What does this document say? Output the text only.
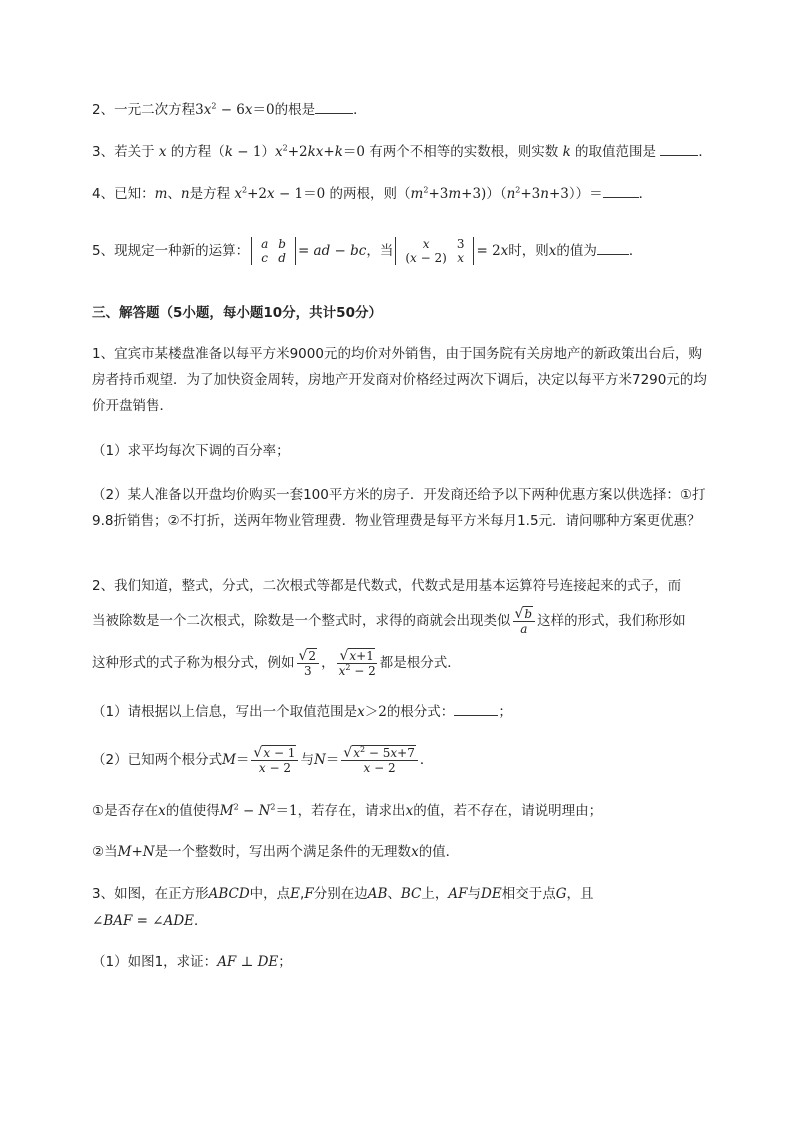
2、一元二次方程$3x^2 - 6x=0$的根是	．
3、若关于 x 的方程$(k - 1)x^2+2kx+k=0$ 有两个不相等的实数根，则实数 k 的取值范围是	．
4、已知：m、n是方程 $x^2+2x - 1=0$ 的两根，则$(m^2+3m+3))(n^2+3n+3))=$	．
5、现规定一种新的运算： a	b
c	d = ad − bc，当 x	3
(x − 2)	x = 2x时，则x的值为 ．
三、解答题（5小题，每小题10分，共计50分）
1、宜宾市某楼盘准备以每平方米9000元的均价对外销售，由于国务院有关房地产的新政策出台后，购房者持币观望．为了加快资金周转，房地产开发商对价格经过两次下调后，决定以每平方米7290元的均价开盘销售．
（1）求平均每次下调的百分率；
（2）某人准备以开盘均价购买一套100平方米的房子．开发商还给予以下两种优惠方案以供选择：①打9.8折销售；②不打折，送两年物业管理费．物业管理费是每平方米每月1.5元．请问哪种方案更优惠？
2、我们知道，整式，分式，二次根式等都是代数式，代数式是用基本运算符号连接起来的式子，而
当被除数是一个二次根式，除数是一个整式时，求得的商就会出现类似 $\frac{√ b}{a}$ 这样的形式，我们称形如
这种形式的式子称为根分式，例如 $\frac{√ 2}{3}$ ， $\frac{√ x+1}{x^2 - 2}$ 都是根分式．
（1）请根据以上信息，写出一个取值范围是x＞2的根分式：	；
（2）已知两个根分式$M= \frac{√ x - 1}{x - 2}$ 与$N= \frac{√ x^2 - 5x+7}{x - 2}$ ．
①是否存在x的值使得$M^2 - N^2=1$，若存在，请求出x的值，若不存在，请说明理由；
②当M+N是一个整数时，写出两个满足条件的无理数x的值．
3、如图，在正方形ABCD中，点E,F分别在边AB、BC上，AF与DE相交于点G，且
∠BAF = ∠ADE．
（1）如图1，求证：AF ⊥ DE；
